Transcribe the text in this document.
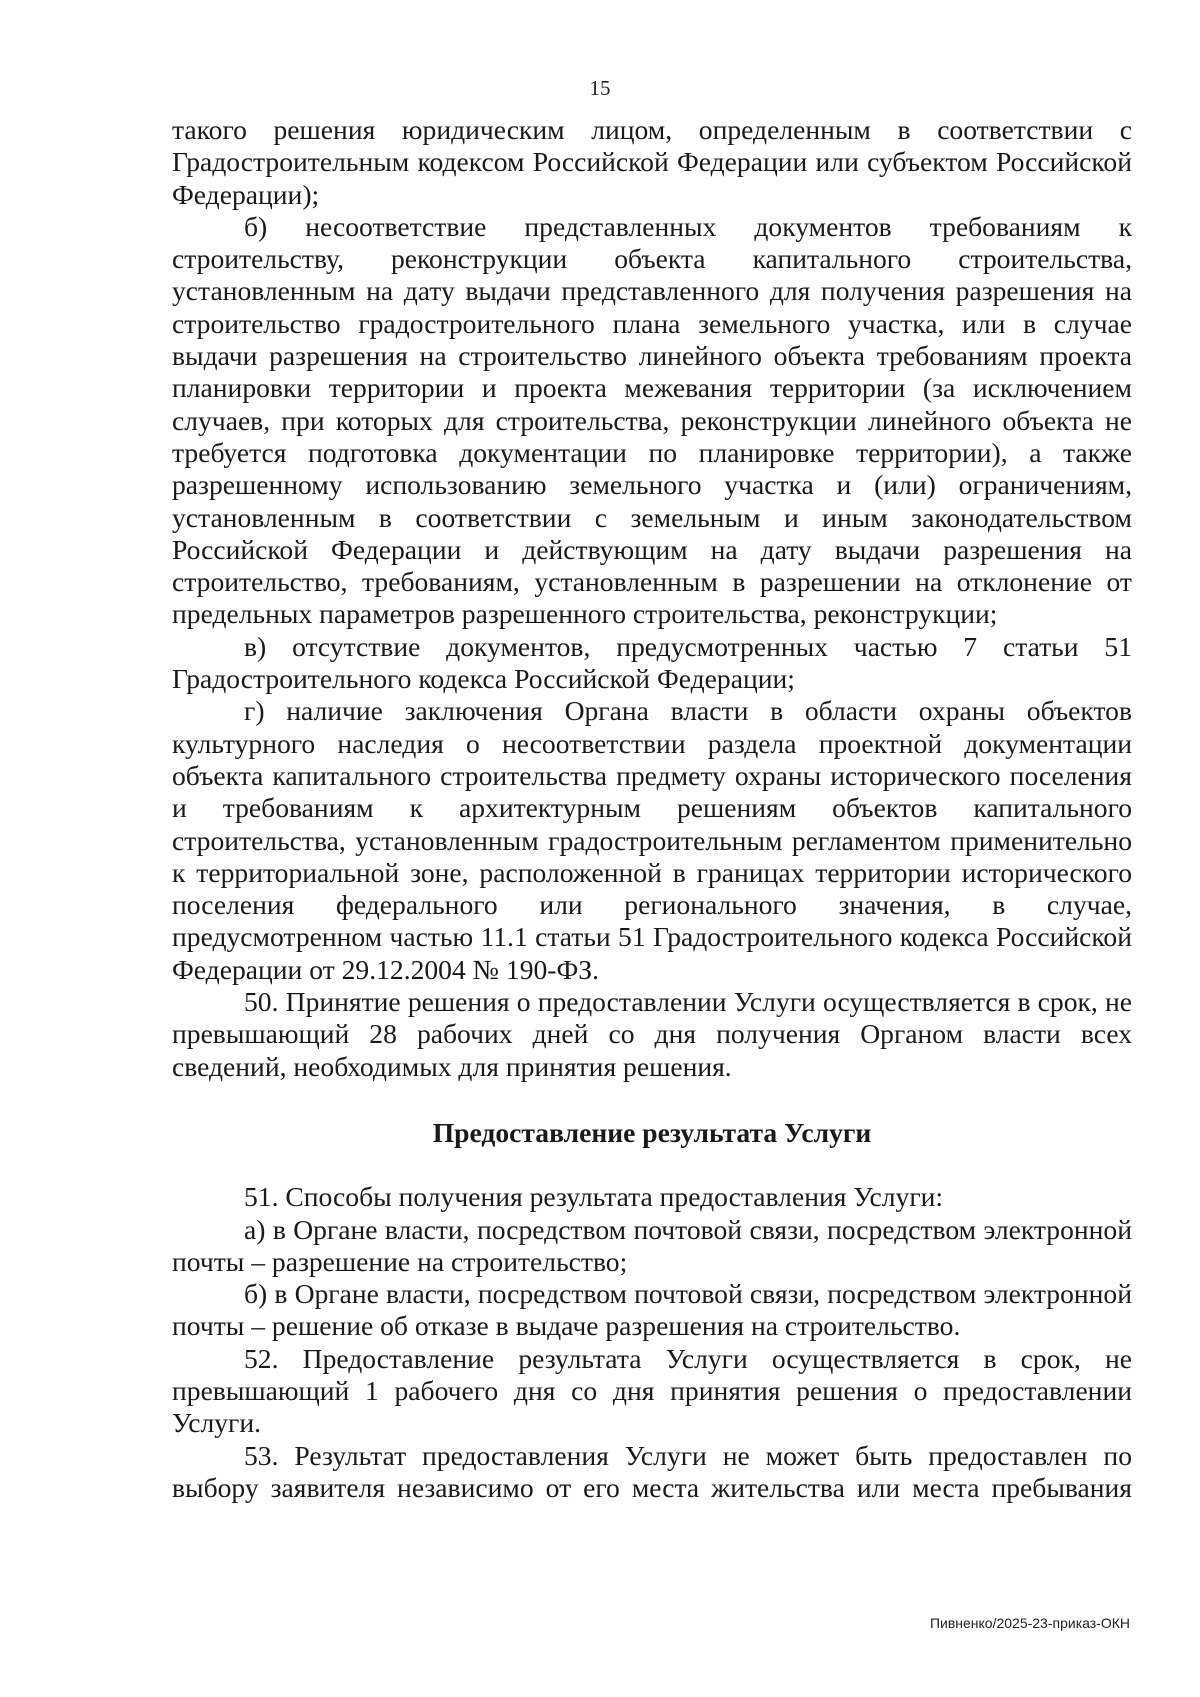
15

такого решения юридическим лицом, определенным в соответствии с Градостроительным кодексом Российской Федерации или субъектом Российской Федерации);

б) несоответствие представленных документов требованиям к строительству, реконструкции объекта капитального строительства, установленным на дату выдачи представленного для получения разрешения на строительство градостроительного плана земельного участка, или в случае выдачи разрешения на строительство линейного объекта требованиям проекта планировки территории и проекта межевания территории (за исключением случаев, при которых для строительства, реконструкции линейного объекта не требуется подготовка документации по планировке территории), а также разрешенному использованию земельного участка и (или) ограничениям, установленным в соответствии с земельным и иным законодательством Российской Федерации и действующим на дату выдачи разрешения на строительство, требованиям, установленным в разрешении на отклонение от предельных параметров разрешенного строительства, реконструкции;

в) отсутствие документов, предусмотренных частью 7 статьи 51 Градостроительного кодекса Российской Федерации;

г) наличие заключения Органа власти в области охраны объектов культурного наследия о несоответствии раздела проектной документации объекта капитального строительства предмету охраны исторического поселения и требованиям к архитектурным решениям объектов капитального строительства, установленным градостроительным регламентом применительно к территориальной зоне, расположенной в границах территории исторического поселения федерального или регионального значения, в случае, предусмотренном частью 11.1 статьи 51 Градостроительного кодекса Российской Федерации от 29.12.2004 № 190-ФЗ.

50. Принятие решения о предоставлении Услуги осуществляется в срок, не превышающий 28 рабочих дней со дня получения Органом власти всех сведений, необходимых для принятия решения.

Предоставление результата Услуги

51. Способы получения результата предоставления Услуги:

а) в Органе власти, посредством почтовой связи, посредством электронной почты – разрешение на строительство;

б) в Органе власти, посредством почтовой связи, посредством электронной почты – решение об отказе в выдаче разрешения на строительство.

52. Предоставление результата Услуги осуществляется в срок, не превышающий 1 рабочего дня со дня принятия решения о предоставлении Услуги.

53. Результат предоставления Услуги не может быть предоставлен по выбору заявителя независимо от его места жительства или места пребывания

Пивненко/2025-23-приказ-ОКН
